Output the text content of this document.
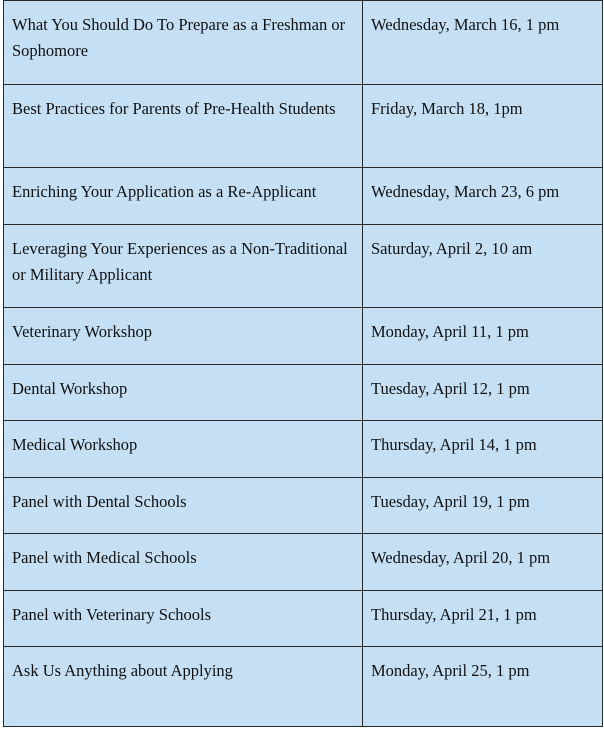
What You Should Do To Prepare as a Freshman or Sophomore	Wednesday, March 16, 1 pm
Best Practices for Parents of Pre-Health Students	Friday, March 18, 1pm
Enriching Your Application as a Re-Applicant	Wednesday, March 23, 6 pm
Leveraging Your Experiences as a Non-Traditional or Military Applicant	Saturday, April 2, 10 am
Veterinary Workshop	Monday, April 11, 1 pm
Dental Workshop	Tuesday, April 12, 1 pm
Medical Workshop	Thursday, April 14, 1 pm
Panel with Dental Schools	Tuesday, April 19, 1 pm
Panel with Medical Schools	Wednesday, April 20, 1 pm
Panel with Veterinary Schools	Thursday, April 21, 1 pm
Ask Us Anything about Applying	Monday, April 25, 1 pm
